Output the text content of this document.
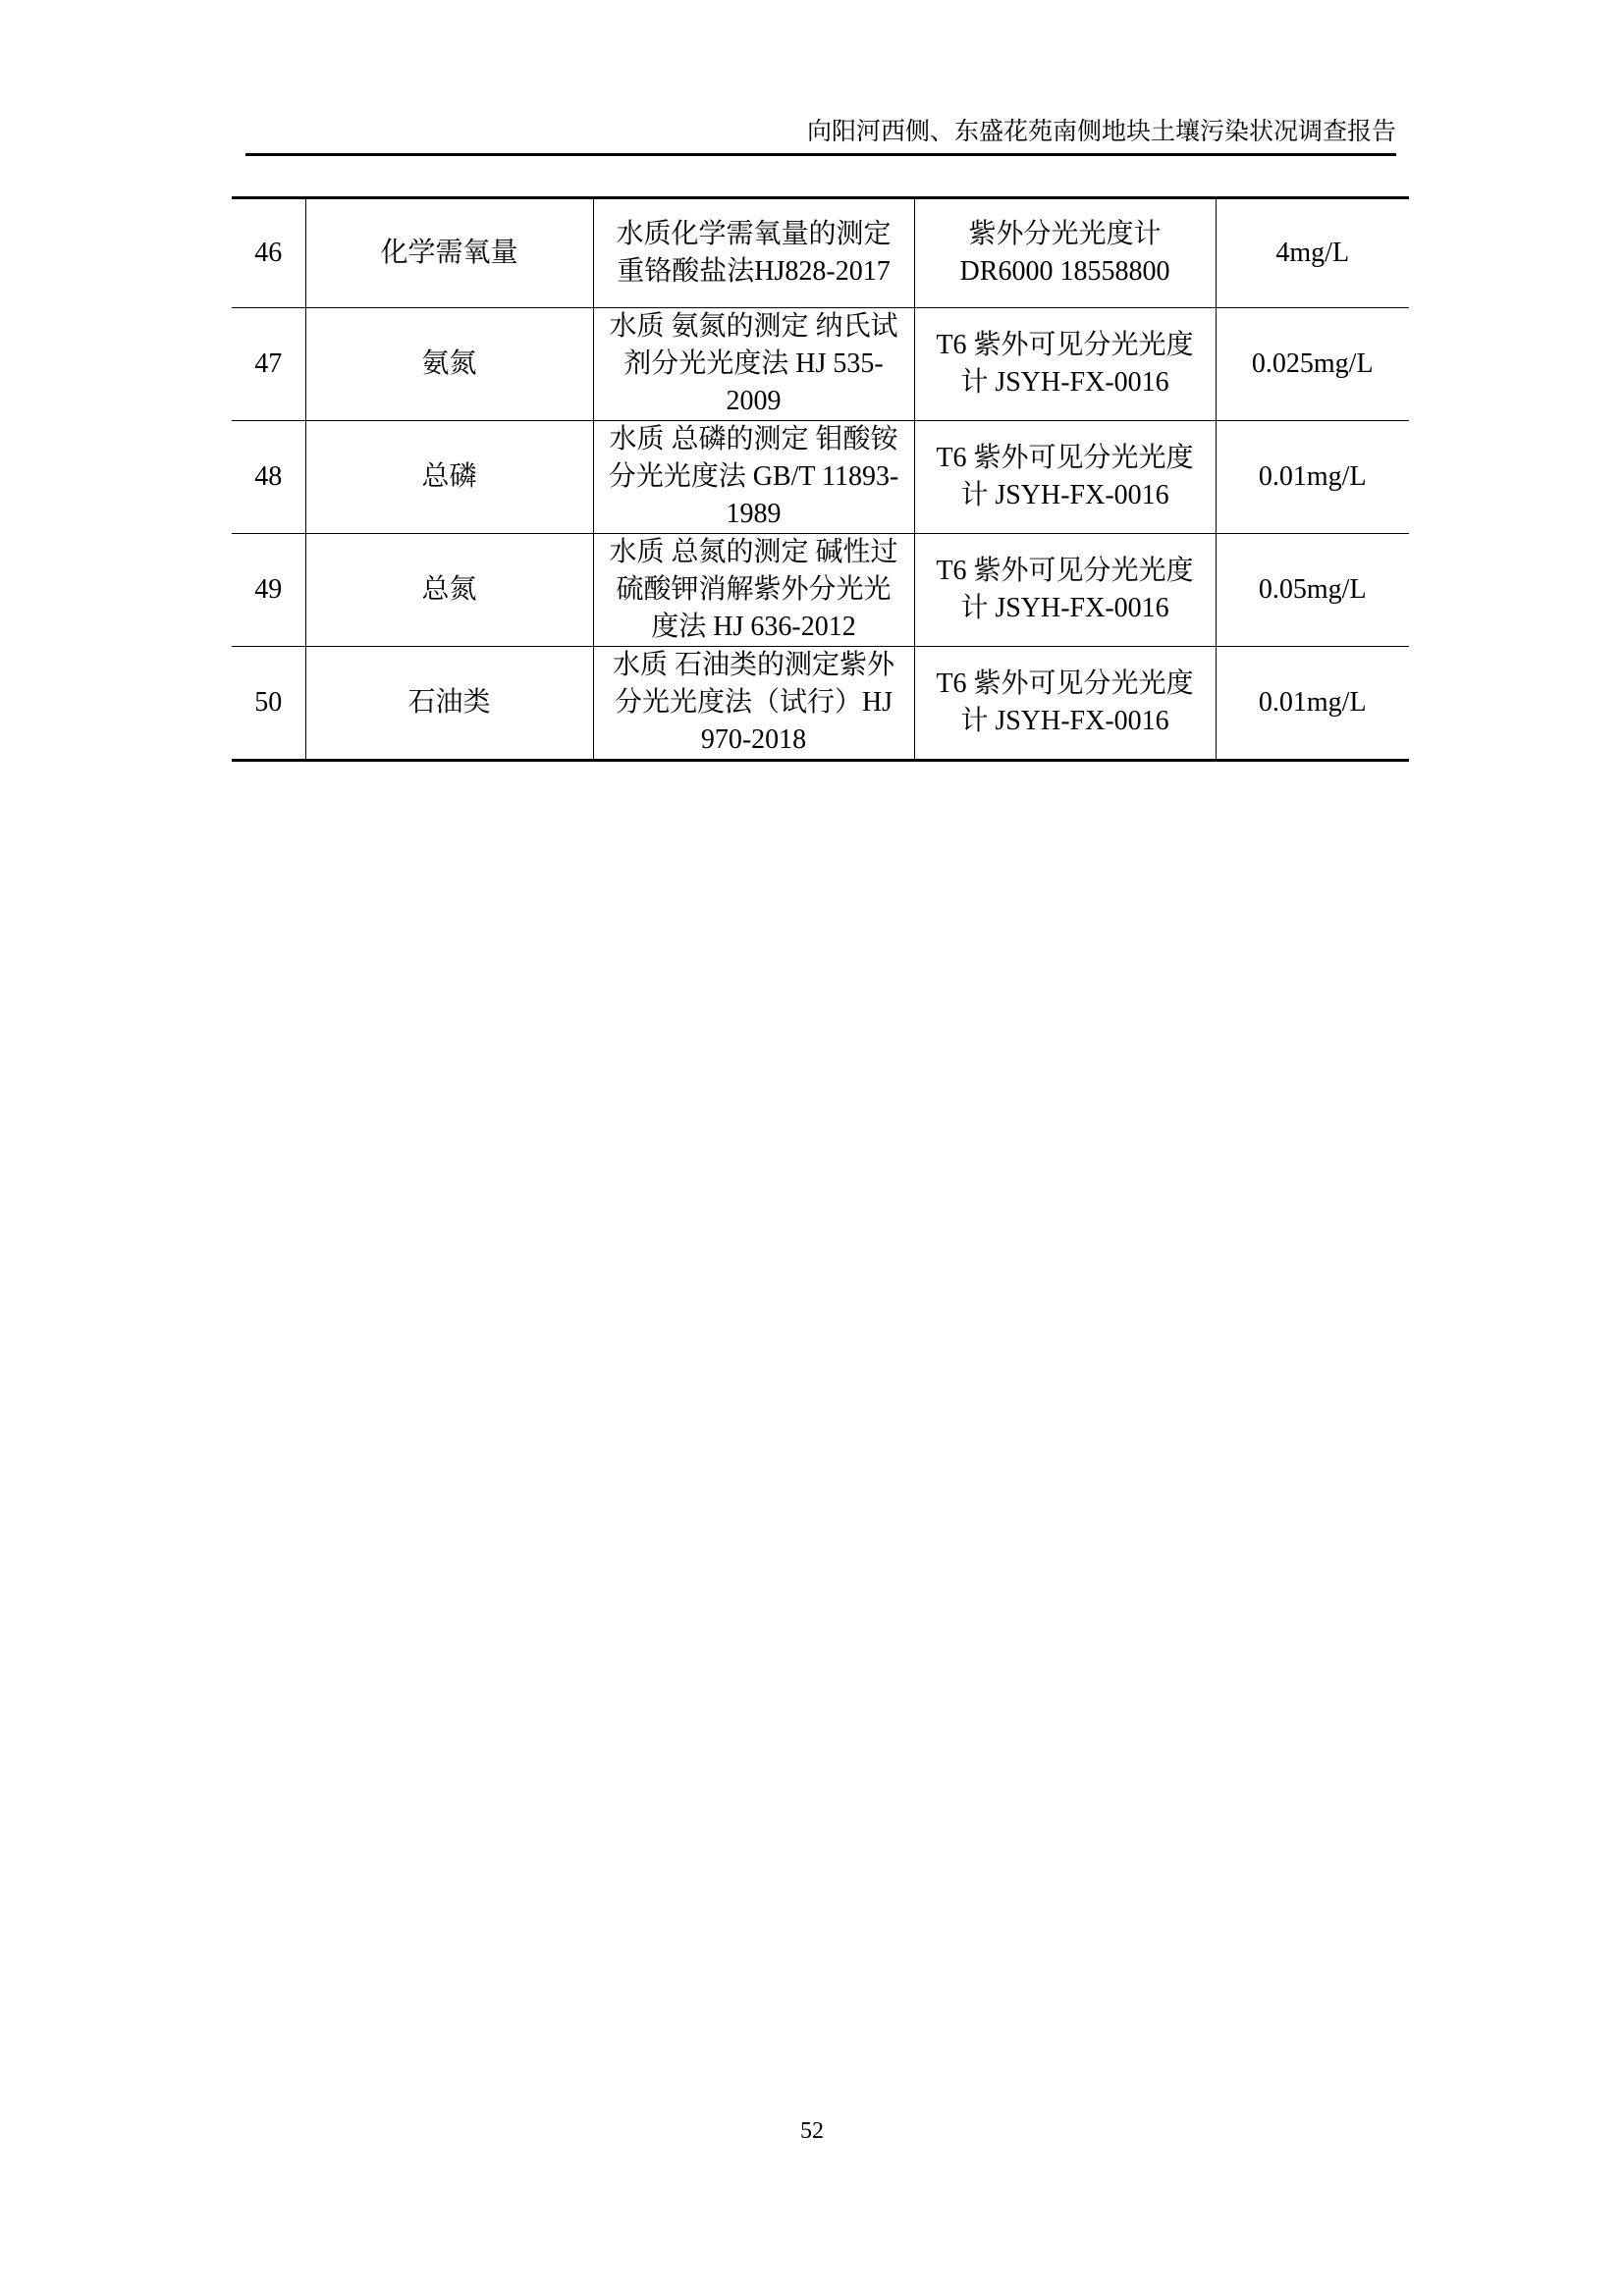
向阳河西侧、东盛花苑南侧地块土壤污染状况调查报告
46	化学需氧量	水质化学需氧量的测定重铬酸盐法HJ828-2017	紫外分光光度计DR6000 18558800	4mg/L
47	氨氮	水质 氨氮的测定 纳氏试剂分光光度法 HJ 535-2009	T6 紫外可见分光光度计 JSYH-FX-0016	0.025mg/L
48	总磷	水质 总磷的测定 钼酸铵分光光度法 GB/T 11893-1989	T6 紫外可见分光光度计 JSYH-FX-0016	0.01mg/L
49	总氮	水质 总氮的测定 碱性过硫酸钾消解紫外分光光度法 HJ 636-2012	T6 紫外可见分光光度计 JSYH-FX-0016	0.05mg/L
50	石油类	水质 石油类的测定紫外分光光度法（试行）HJ 970-2018	T6 紫外可见分光光度计 JSYH-FX-0016	0.01mg/L
52
